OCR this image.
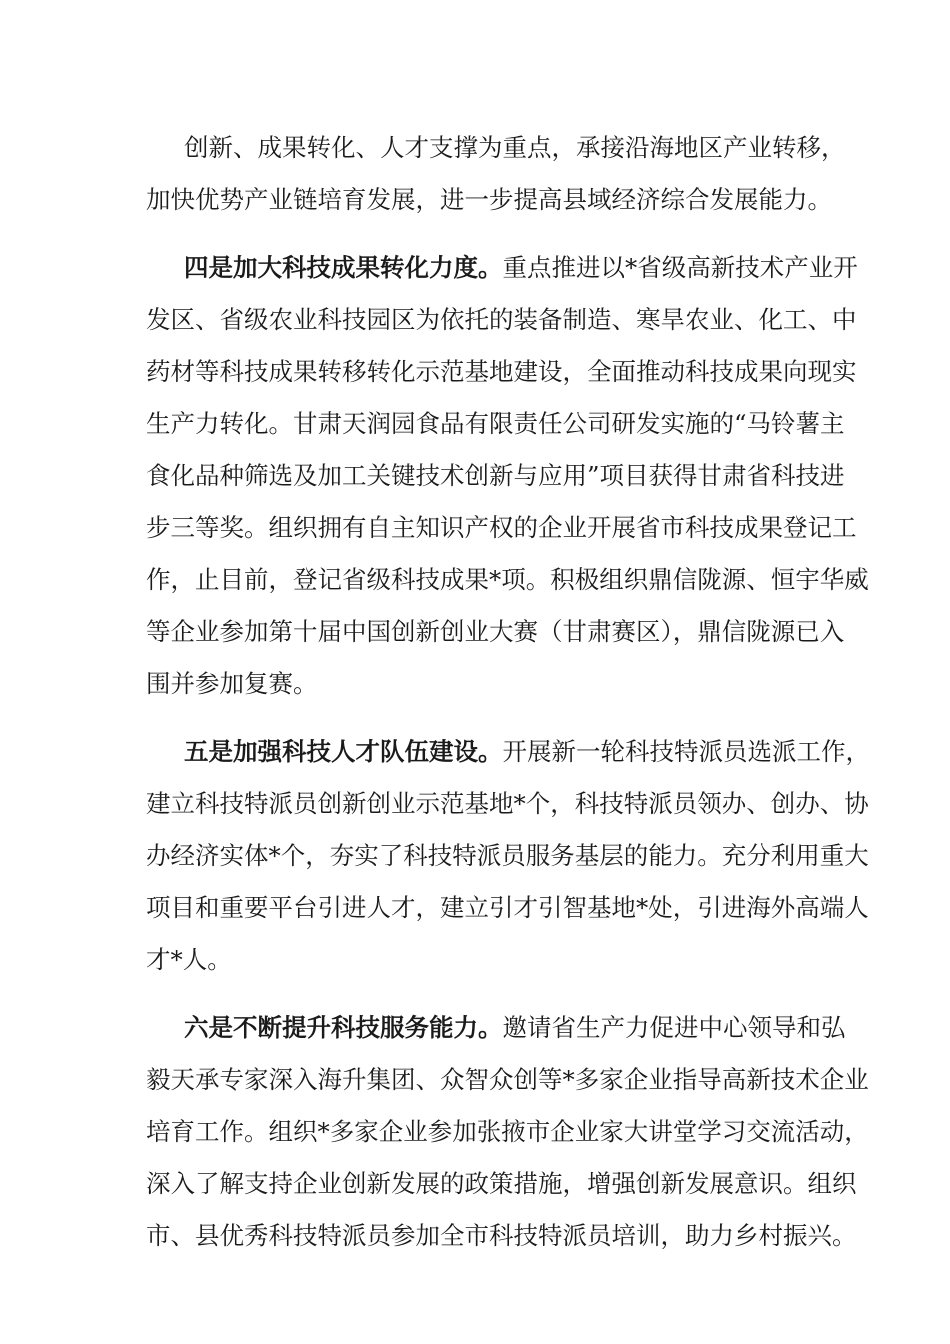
创新、成果转化、人才支撑为重点，承接沿海地区产业转移，
加快优势产业链培育发展，进一步提高县域经济综合发展能力。
四是加大科技成果转化力度。重点推进以*省级高新技术产业开
发区、省级农业科技园区为依托的装备制造、寒旱农业、化工、中
药材等科技成果转移转化示范基地建设，全面推动科技成果向现实
生产力转化。甘肃天润园食品有限责任公司研发实施的“马铃薯主
食化品种筛选及加工关键技术创新与应用”项目获得甘肃省科技进
步三等奖。组织拥有自主知识产权的企业开展省市科技成果登记工
作，止目前，登记省级科技成果*项。积极组织鼎信陇源、恒宇华威
等企业参加第十届中国创新创业大赛（甘肃赛区），鼎信陇源已入
围并参加复赛。
五是加强科技人才队伍建设。开展新一轮科技特派员选派工作，
建立科技特派员创新创业示范基地*个，科技特派员领办、创办、协
办经济实体*个，夯实了科技特派员服务基层的能力。充分利用重大
项目和重要平台引进人才，建立引才引智基地*处，引进海外高端人
才*人。
六是不断提升科技服务能力。邀请省生产力促进中心领导和弘
毅天承专家深入海升集团、众智众创等*多家企业指导高新技术企业
培育工作。组织*多家企业参加张掖市企业家大讲堂学习交流活动，
深入了解支持企业创新发展的政策措施，增强创新发展意识。组织
市、县优秀科技特派员参加全市科技特派员培训，助力乡村振兴。
